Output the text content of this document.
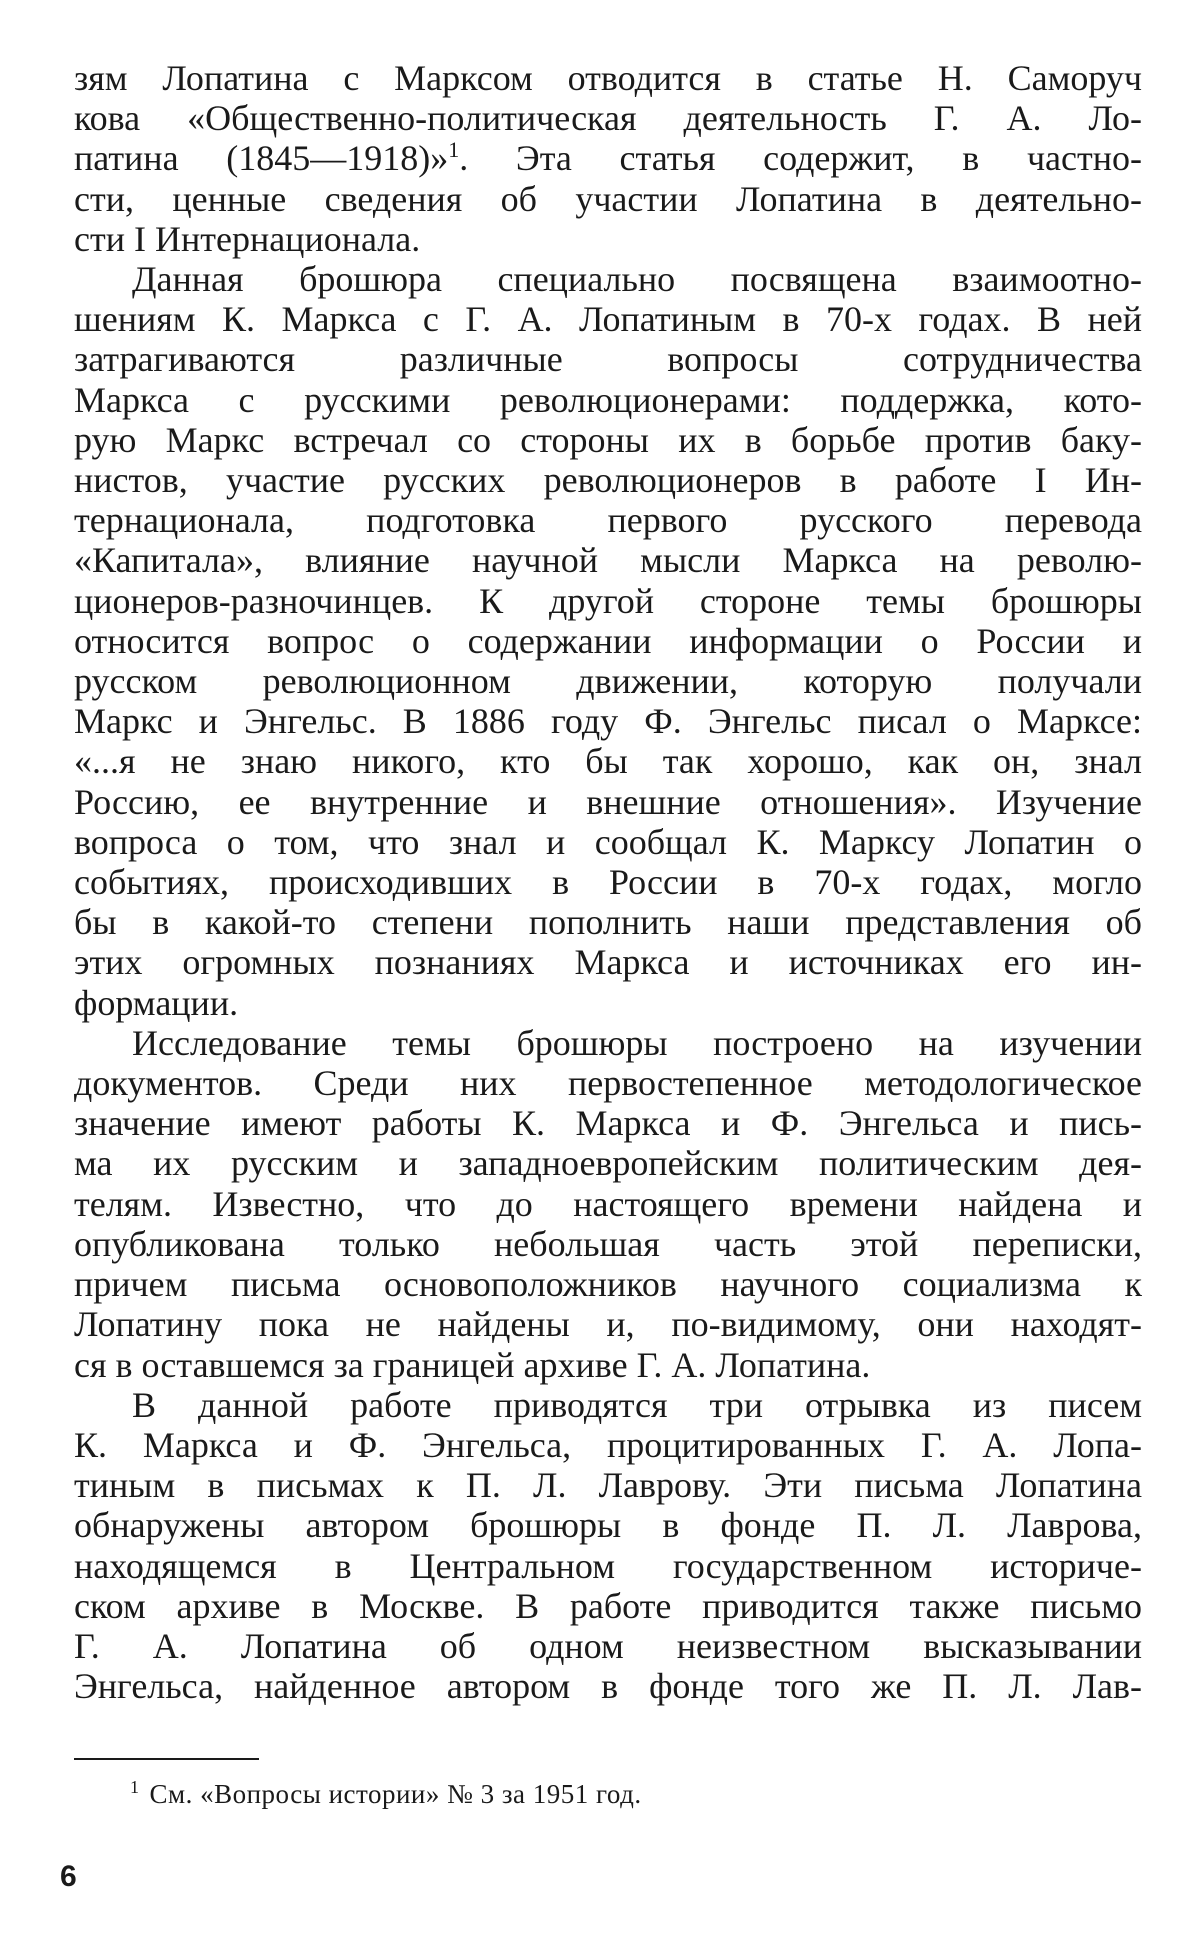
зям Лопатина с Марксом отводится в статье Н. Саморуч
кова «Общественно-политическая деятельность Г. А. Ло-
патина (1845—1918)»$^1$. Эта статья содержит, в частно-
сти, ценные сведения об участии Лопатина в деятельно-
сти I Интернационала.

Данная брошюра специально посвящена взаимоотно-
шениям К. Маркса с Г. А. Лопатиным в 70-х годах. В ней
затрагиваются различные вопросы сотрудничества
Маркса с русскими революционерами: поддержка, кото-
рую Маркс встречал со стороны их в борьбе против баку-
нистов, участие русских революционеров в работе I Ин-
тернационала, подготовка первого русского перевода
«Капитала», влияние научной мысли Маркса на револю-
ционеров-разночинцев. К другой стороне темы брошюры
относится вопрос о содержании информации о России и
русском революционном движении, которую получали
Маркс и Энгельс. В 1886 году Ф. Энгельс писал о Марксе:
«...я не знаю никого, кто бы так хорошо, как он, знал
Россию, ее внутренние и внешние отношения». Изучение
вопроса о том, что знал и сообщал К. Марксу Лопатин о
событиях, происходивших в России в 70-х годах, могло
бы в какой-то степени пополнить наши представления об
этих огромных познаниях Маркса и источниках его ин-
формации.

Исследование темы брошюры построено на изучении
документов. Среди них первостепенное методологическое
значение имеют работы К. Маркса и Ф. Энгельса и пись-
ма их русским и западноевропейским политическим дея-
телям. Известно, что до настоящего времени найдена и
опубликована только небольшая часть этой переписки,
причем письма основоположников научного социализма к
Лопатину пока не найдены и, по-видимому, они находят-
ся в оставшемся за границей архиве Г. А. Лопатина.

В данной работе приводятся три отрывка из писем
К. Маркса и Ф. Энгельса, процитированных Г. А. Лопа-
тиным в письмах к П. Л. Лаврову. Эти письма Лопатина
обнаружены автором брошюры в фонде П. Л. Лаврова,
находящемся в Центральном государственном историче-
ском архиве в Москве. В работе приводится также письмо
Г. А. Лопатина об одном неизвестном высказывании
Энгельса, найденное автором в фонде того же П. Л. Лав-

$^1$ См. «Вопросы истории» № 3 за 1951 год.
6
